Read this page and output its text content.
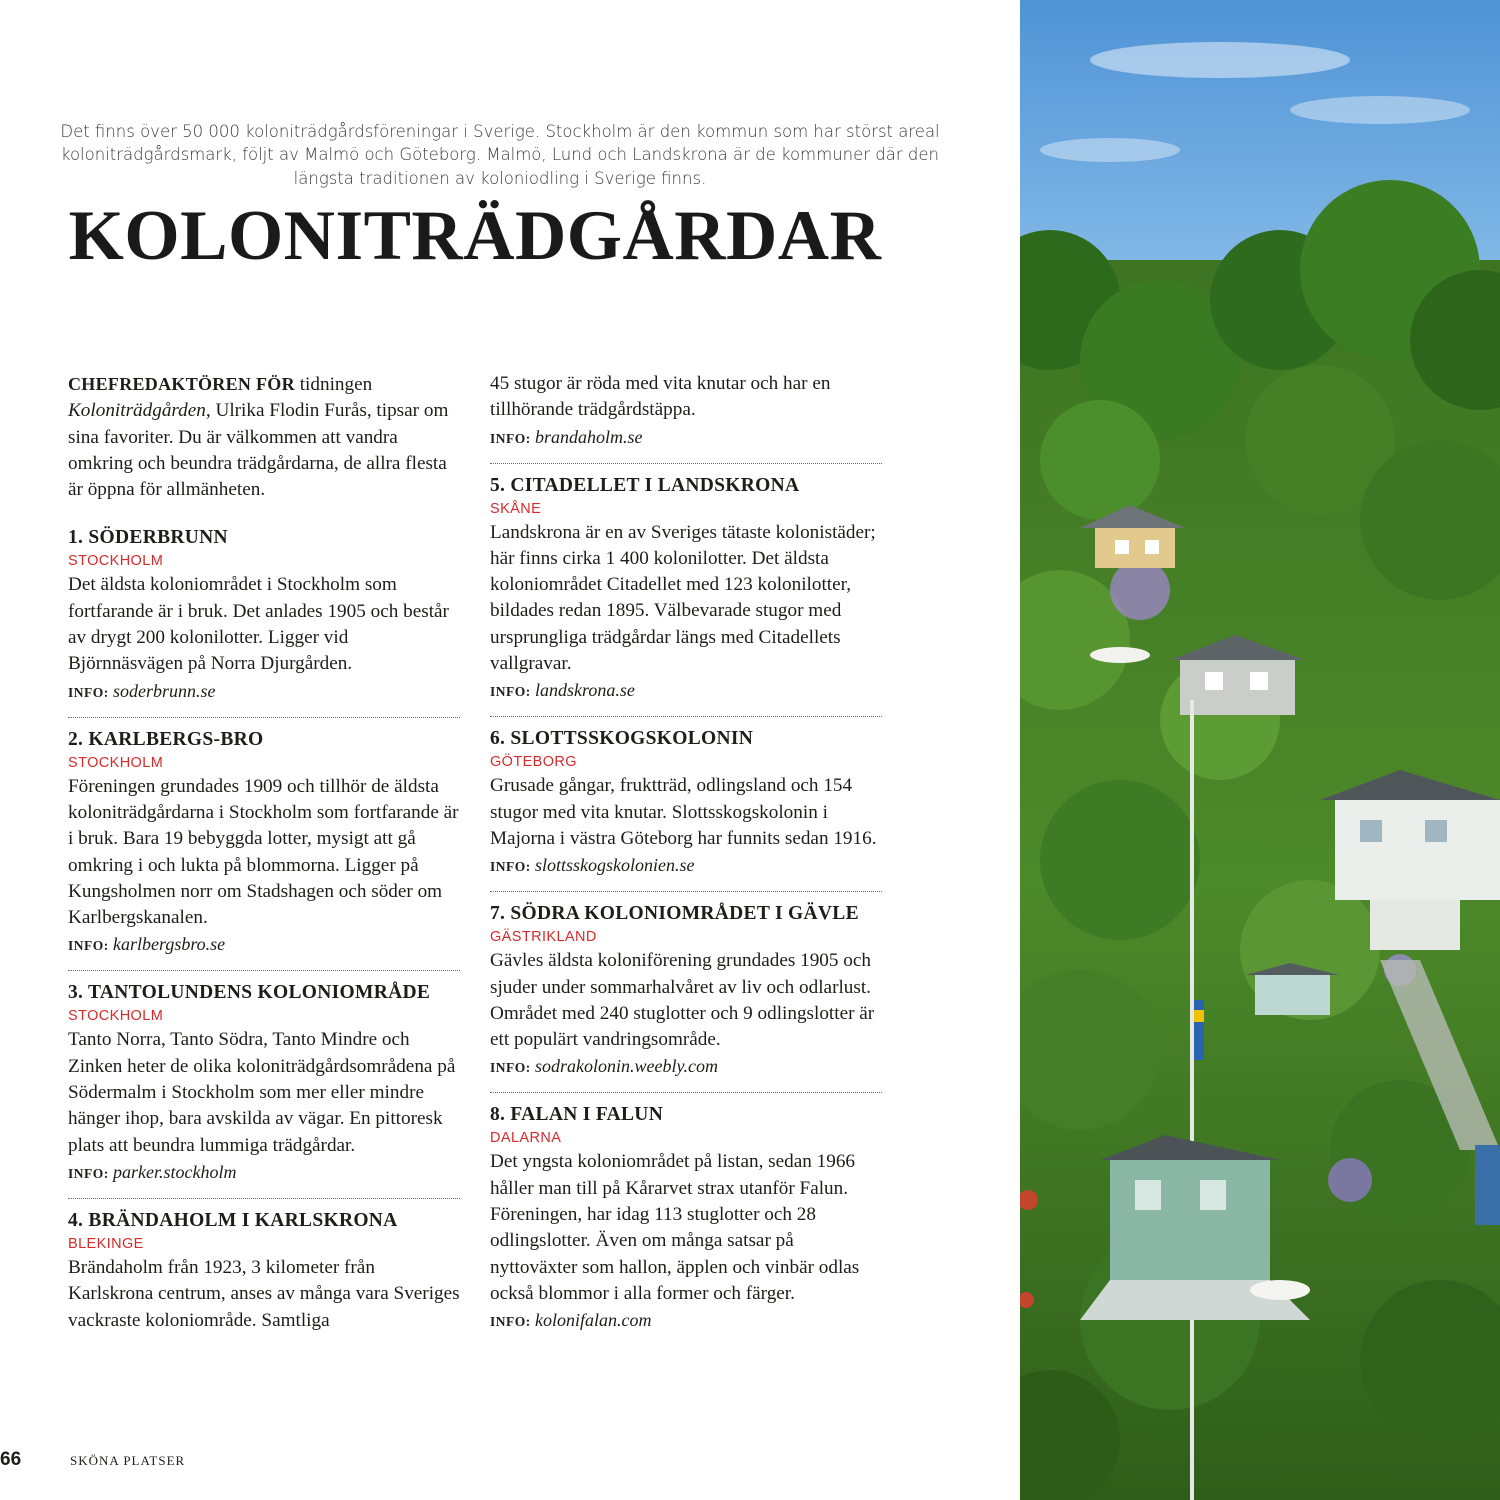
Det finns över 50 000 koloniträdgårdsföreningar i Sverige. Stockholm är den kommun som har störst areal koloniträdgårdsmark, följt av Malmö och Göteborg. Malmö, Lund och Landskrona är de kommuner där den längsta traditionen av koloniodling i Sverige finns.

KOLONITRÄDGÅRDAR

CHEFREDAKTÖREN FÖR tidningen Koloniträdgården, Ulrika Flodin Furås, tipsar om sina favoriter. Du är välkommen att vandra omkring och beundra trädgårdarna, de allra flesta är öppna för allmänheten.

1. SÖDERBRUNN

STOCKHOLM

Det äldsta koloniområdet i Stockholm som fortfarande är i bruk. Det anlades 1905 och består av drygt 200 kolonilotter. Ligger vid Björnnäsvägen på Norra Djurgården.

INFO: soderbrunn.se

2. KARLBERGS-BRO

STOCKHOLM

Föreningen grundades 1909 och tillhör de äldsta koloniträdgårdarna i Stockholm som fortfarande är i bruk. Bara 19 bebyggda lotter, mysigt att gå omkring i och lukta på blommorna. Ligger på Kungsholmen norr om Stadshagen och söder om Karlbergskanalen.

INFO: karlbergsbro.se

3. TANTOLUNDENS KOLONIOMRÅDE

STOCKHOLM

Tanto Norra, Tanto Södra, Tanto Mindre och Zinken heter de olika koloniträdgårdsområdena på Södermalm i Stockholm som mer eller mindre hänger ihop, bara avskilda av vägar. En pittoresk plats att beundra lummiga trädgårdar.

INFO: parker.stockholm

4. BRÄNDAHOLM I KARLSKRONA

BLEKINGE

Brändaholm från 1923, 3 kilometer från Karlskrona centrum, anses av många vara Sveriges vackraste koloniområde. Samtliga

45 stugor är röda med vita knutar och har en tillhörande trädgårdstäppa.

INFO: brandaholm.se

5. CITADELLET I LANDSKRONA

SKÅNE

Landskrona är en av Sveriges tätaste kolonistäder; här finns cirka 1 400 kolonilotter. Det äldsta koloniområdet Citadellet med 123 kolonilotter, bildades redan 1895. Välbevarade stugor med ursprungliga trädgårdar längs med Citadellets vallgravar.

INFO: landskrona.se

6. SLOTTSSKOGSKOLONIN

GÖTEBORG

Grusade gångar, fruktträd, odlingsland och 154 stugor med vita knutar. Slottsskogskolonin i Majorna i västra Göteborg har funnits sedan 1916.

INFO: slottsskogskolonien.se

7. SÖDRA KOLONIOMRÅDET I GÄVLE

GÄSTRIKLAND

Gävles äldsta koloniförening grundades 1905 och sjuder under sommarhalvåret av liv och odlarlust. Området med 240 stuglotter och 9 odlingslotter är ett populärt vandringsområde.

INFO: sodrakolonin.weebly.com

8. FALAN I FALUN

DALARNA

Det yngsta koloniområdet på listan, sedan 1966 håller man till på Kårarvet strax utanför Falun. Föreningen, har idag 113 stuglotter och 28 odlingslotter. Även om många satsar på nyttoväxter som hallon, äpplen och vinbär odlas också blommor i alla former och färger.

INFO: kolonifalan.com

66	SKÖNA PLATSER
